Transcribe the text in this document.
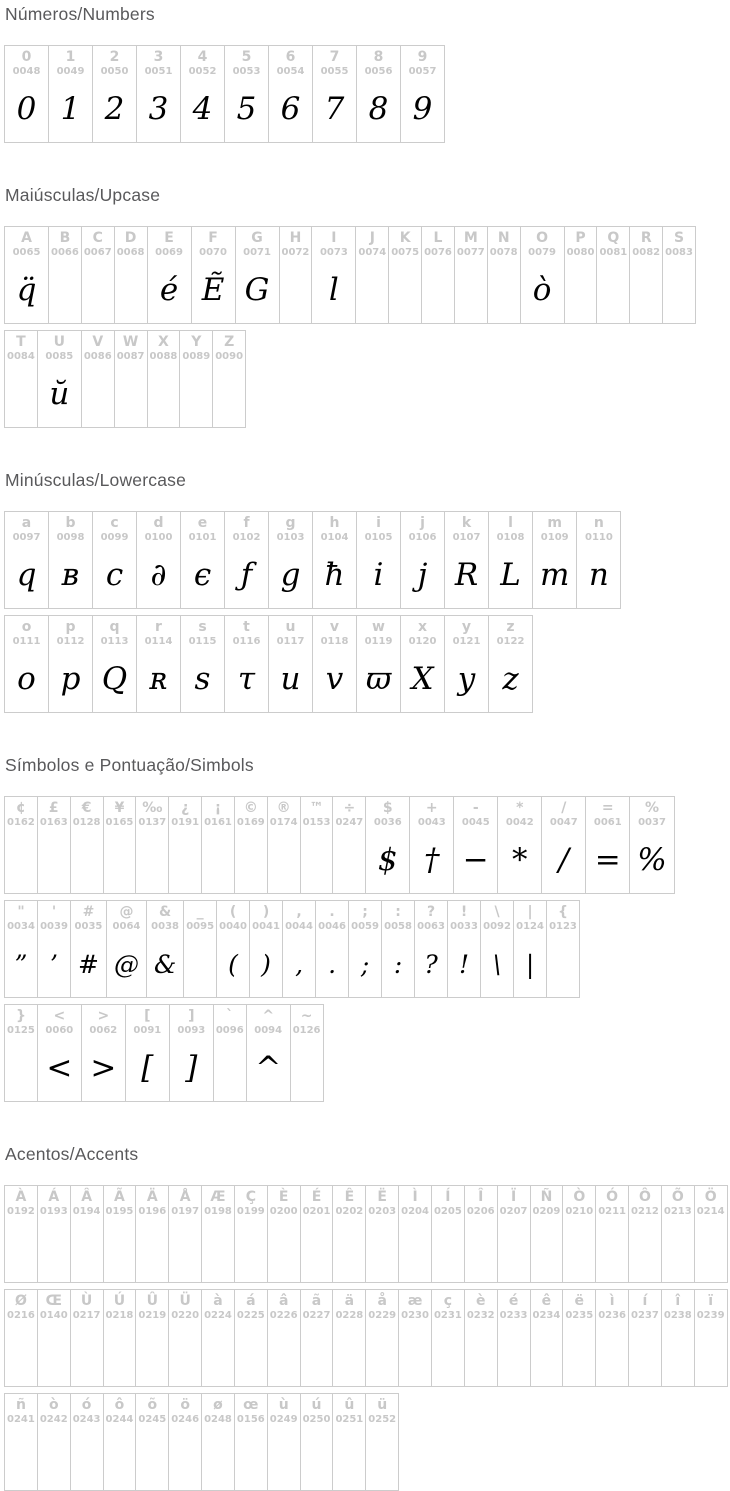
Números/Numbers
0
0048
0
1
0049
1
2
0050
2
3
0051
3
4
0052
4
5
0053
5
6
0054
6
7
0055
7
8
0056
8
9
0057
9
Maiúsculas/Upcase
A
0065
q̈
B
0066
C
0067
D
0068
E
0069
é
F
0070
Ẽ
G
0071
G
H
0072
I
0073
l
J
0074
K
0075
L
0076
M
0077
N
0078
O
0079
ò
P
0080
Q
0081
R
0082
S
0083
T
0084
U
0085
ŭ
V
0086
W
0087
X
0088
Y
0089
Z
0090
Minúsculas/Lowercase
a
0097
q
b
0098
ʙ
c
0099
c
d
0100
∂
e
0101
є
f
0102
ƒ
g
0103
g
h
0104
ħ
i
0105
i
j
0106
j
k
0107
R
l
0108
L
m
0109
m
n
0110
n
o
0111
o
p
0112
p
q
0113
Q
r
0114
ʀ
s
0115
s
t
0116
τ
u
0117
u
v
0118
v
w
0119
ϖ
x
0120
X
y
0121
y
z
0122
z
Símbolos e Pontuação/Simbols
¢
0162
£
0163
€
0128
¥
0165
‰
0137
¿
0191
¡
0161
©
0169
®
0174
™
0153
÷
0247
$
0036
$
+
0043
†
-
0045
−
*
0042
*
/
0047
/
=
0061
=
%
0037
%
"
0034
”
'
0039
’
#
0035
#
@
0064
@
&
0038
&
_
0095
(
0040
(
)
0041
)
,
0044
,
.
0046
.
;
0059
;
:
0058
:
?
0063
?
!
0033
!
\
0092
\
|
0124
|
{
0123
}
0125
<
0060
<
>
0062
>
[
0091
[
]
0093
]
`
0096
^
0094
^
~
0126
Acentos/Accents
À
0192
Á
0193
Â
0194
Ã
0195
Ä
0196
Å
0197
Æ
0198
Ç
0199
È
0200
É
0201
Ê
0202
Ë
0203
Ì
0204
Í
0205
Î
0206
Ï
0207
Ñ
0209
Ò
0210
Ó
0211
Ô
0212
Õ
0213
Ö
0214
Ø
0216
Œ
0140
Ù
0217
Ú
0218
Û
0219
Ü
0220
à
0224
á
0225
â
0226
ã
0227
ä
0228
å
0229
æ
0230
ç
0231
è
0232
é
0233
ê
0234
ë
0235
ì
0236
í
0237
î
0238
ï
0239
ñ
0241
ò
0242
ó
0243
ô
0244
õ
0245
ö
0246
ø
0248
œ
0156
ù
0249
ú
0250
û
0251
ü
0252
